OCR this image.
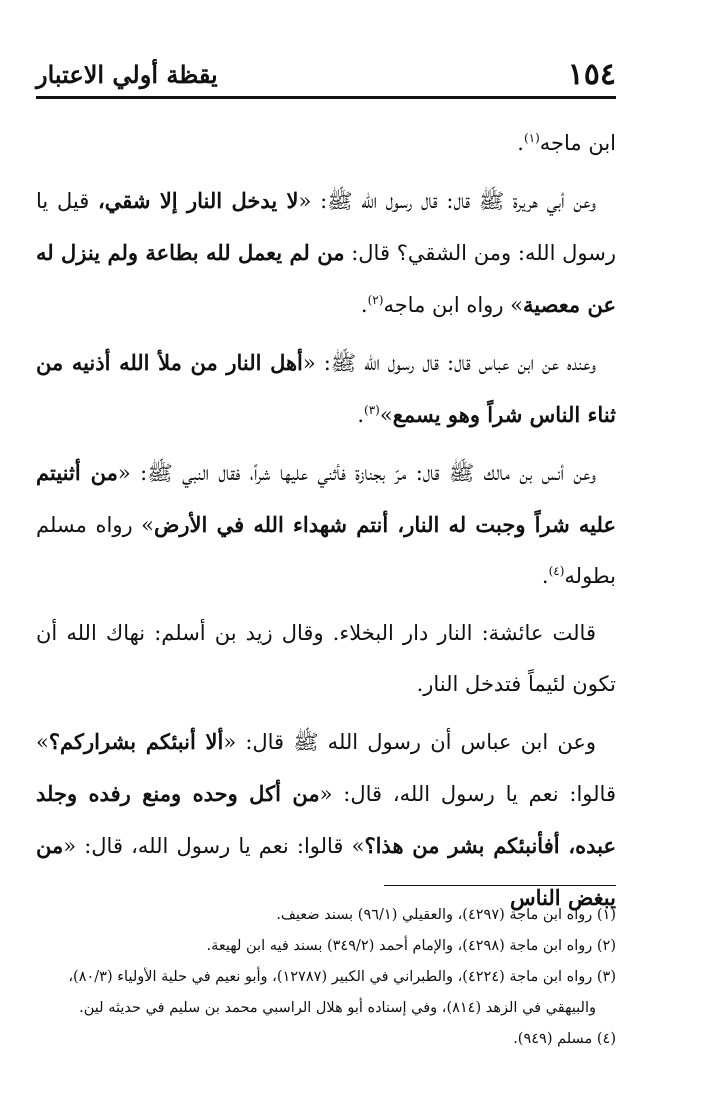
١٥٤
يقظة أولي الاعتبار

ابن ماجه$^{(١)}$.

وعن أبي هريرة ﷺ قال: قال رسول الله ﷺ: «لا يدخل النار إلا شقي، قيل يا رسول الله: ومن الشقي؟ قال: من لم يعمل لله بطاعة ولم ينزل له عن معصية» رواه ابن ماجه$^{(٢)}$.

وعنده عن ابن عباس قال: قال رسول الله ﷺ: «أهل النار من ملأ الله أذنيه من ثناء الناس شراً وهو يسمع»$^{(٣)}$.

وعن أنس بن مالك ﷺ قال: مرّ بجنازة فأثني عليها شراً، فقال النبي ﷺ: «من أثنيتم عليه شراً وجبت له النار، أنتم شهداء الله في الأرض» رواه مسلم بطوله$^{(٤)}$.

قالت عائشة: النار دار البخلاء. وقال زيد بن أسلم: نهاك الله أن تكون لئيماً فتدخل النار.

وعن ابن عباس أن رسول الله ﷺ قال: «ألا أنبئكم بشراركم؟» قالوا: نعم يا رسول الله، قال: «من أكل وحده ومنع رفده وجلد عبده، أفأنبئكم بشر من هذا؟» قالوا: نعم يا رسول الله، قال: «من يبغض الناس

(١) رواه ابن ماجة (٤٢٩٧)، والعقيلي (٩٦/١) بسند ضعيف.

(٢) رواه ابن ماجة (٤٢٩٨)، والإمام أحمد (٣٤٩/٢) بسند فيه ابن لهيعة.

(٣) رواه ابن ماجة (٤٢٢٤)، والطبراني في الكبير (١٢٧٨٧)، وأبو نعيم في حلية الأولياء (٨٠/٣)،

والبيهقي في الزهد (٨١٤)، وفي إسناده أبو هلال الراسبي محمد بن سليم في حديثه لين.

(٤) مسلم (٩٤٩).
